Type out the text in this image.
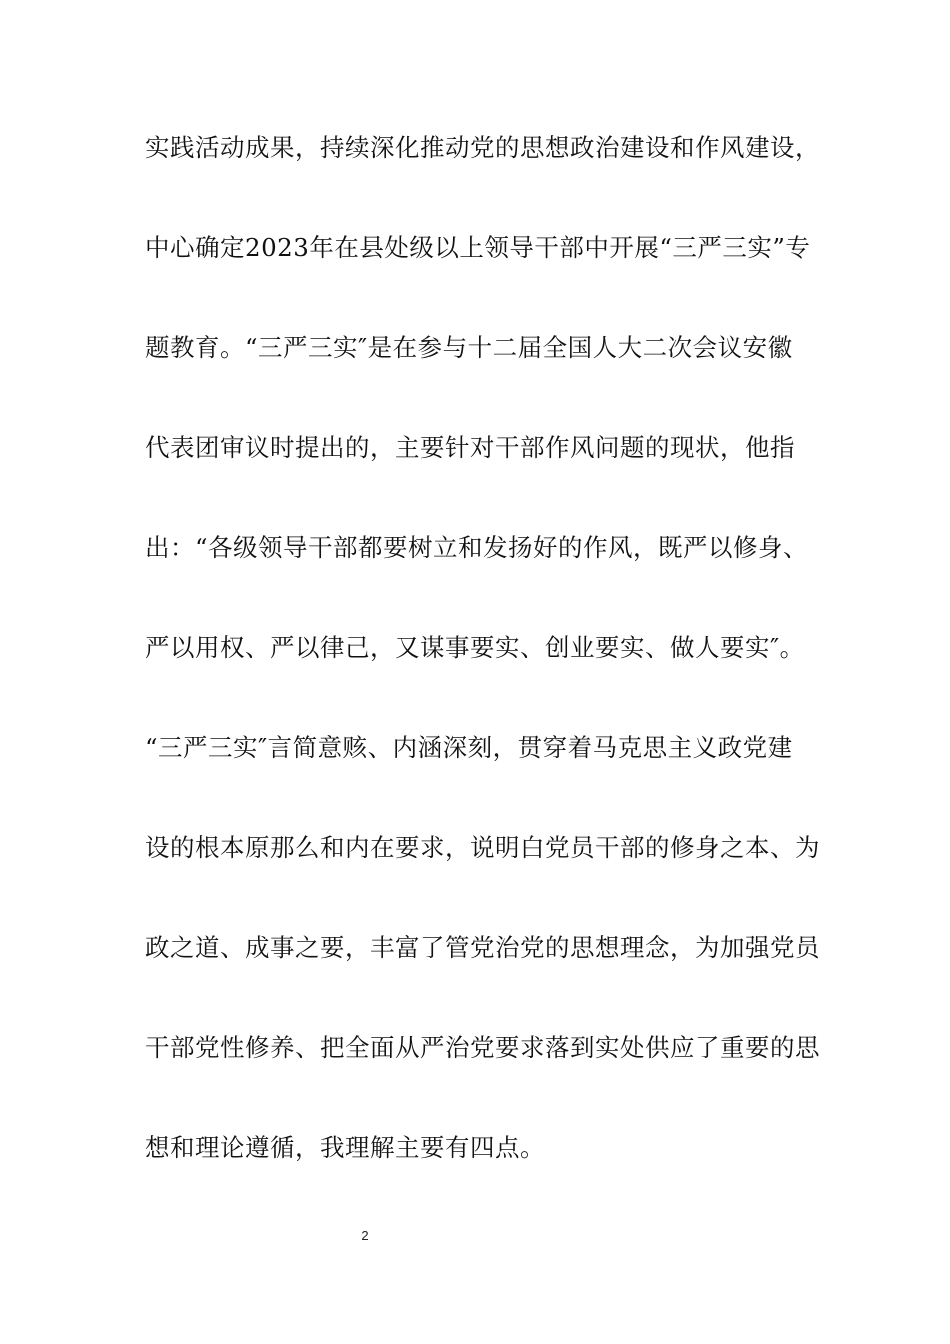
实践活动成果，持续深化推动党的思想政治建设和作风建设，
中心确定2023年在县处级以上领导干部中开展“三严三实”专
题教育。“三严三实″是在参与十二届全国人大二次会议安徽
代表团审议时提出的，主要针对干部作风问题的现状，他指
出：“各级领导干部都要树立和发扬好的作风，既严以修身、
严以用权、严以律己，又谋事要实、创业要实、做人要实″。
“三严三实″言简意赅、内涵深刻，贯穿着马克思主义政党建
设的根本原那么和内在要求，说明白党员干部的修身之本、为
政之道、成事之要，丰富了管党治党的思想理念，为加强党员
干部党性修养、把全面从严治党要求落到实处供应了重要的思
想和理论遵循，我理解主要有四点。
2
